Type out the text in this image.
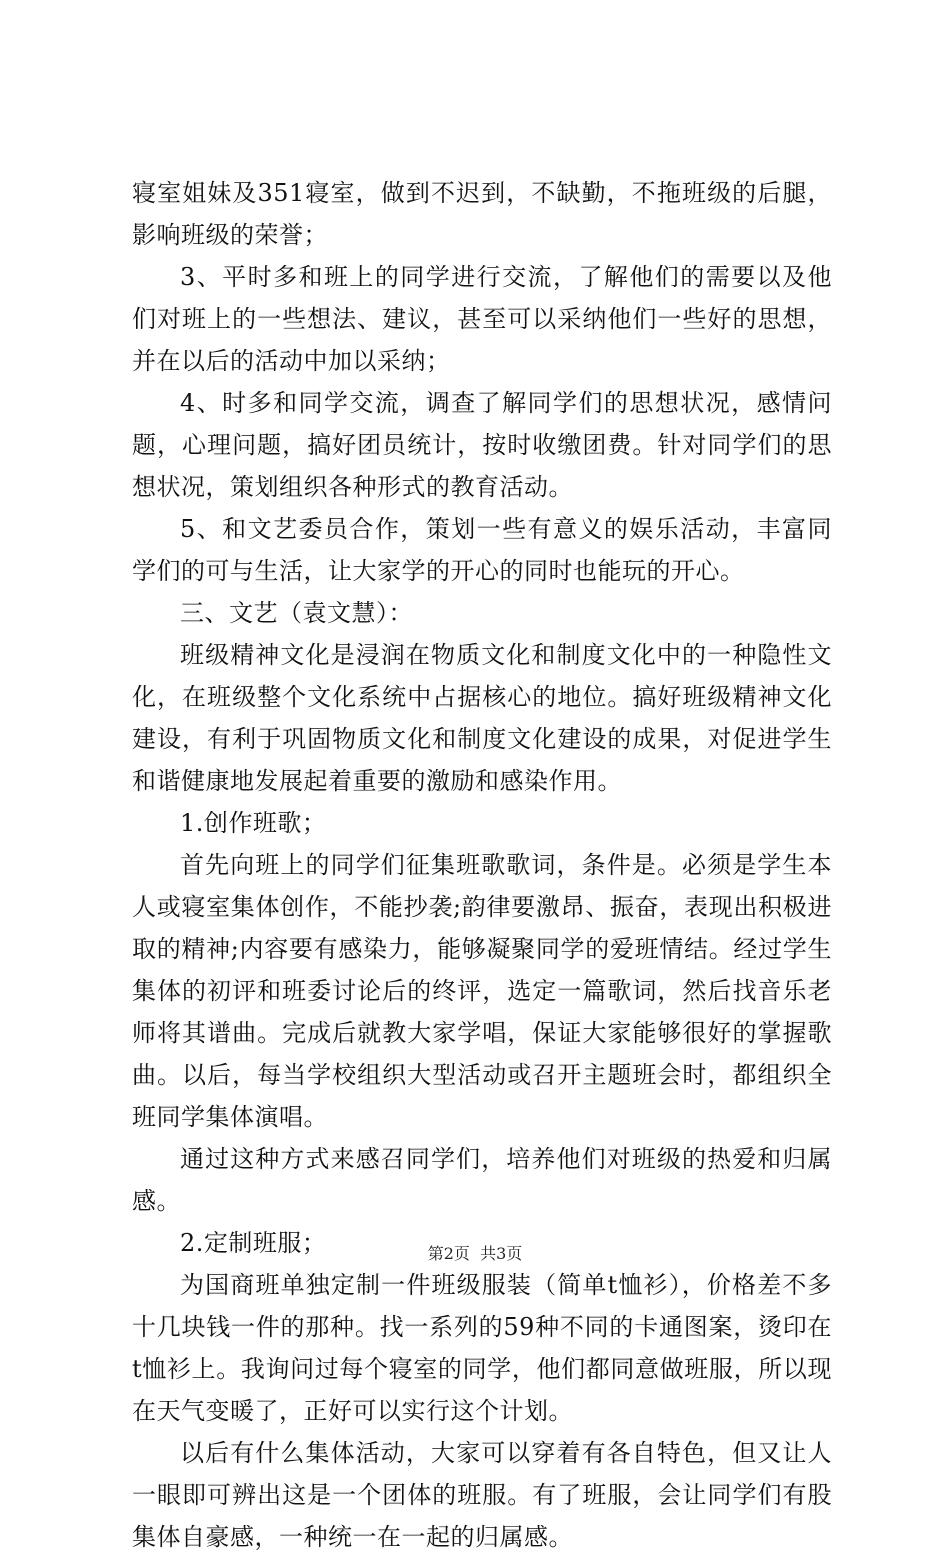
寝室姐妹及351寝室，做到不迟到，不缺勤，不拖班级的后腿，影响班级的荣誉；

3、平时多和班上的同学进行交流，了解他们的需要以及他们对班上的一些想法、建议，甚至可以采纳他们一些好的思想，并在以后的活动中加以采纳；

4、时多和同学交流，调查了解同学们的思想状况，感情问题，心理问题，搞好团员统计，按时收缴团费。针对同学们的思想状况，策划组织各种形式的教育活动。

5、和文艺委员合作，策划一些有意义的娱乐活动，丰富同学们的可与生活，让大家学的开心的同时也能玩的开心。

三、文艺（袁文慧）：

班级精神文化是浸润在物质文化和制度文化中的一种隐性文化，在班级整个文化系统中占据核心的地位。搞好班级精神文化建设，有利于巩固物质文化和制度文化建设的成果，对促进学生和谐健康地发展起着重要的激励和感染作用。

1.创作班歌；

首先向班上的同学们征集班歌歌词，条件是。必须是学生本人或寝室集体创作，不能抄袭;韵律要激昂、振奋，表现出积极进取的精神;内容要有感染力，能够凝聚同学的爱班情结。经过学生集体的初评和班委讨论后的终评，选定一篇歌词，然后找音乐老师将其谱曲。完成后就教大家学唱，保证大家能够很好的掌握歌曲。以后，每当学校组织大型活动或召开主题班会时，都组织全班同学集体演唱。

通过这种方式来感召同学们，培养他们对班级的热爱和归属感。

2.定制班服；

为国商班单独定制一件班级服装（简单t恤衫），价格差不多十几块钱一件的那种。找一系列的59种不同的卡通图案，烫印在t恤衫上。我询问过每个寝室的同学，他们都同意做班服，所以现在天气变暖了，正好可以实行这个计划。

以后有什么集体活动，大家可以穿着有各自特色，但又让人一眼即可辨出这是一个团体的班服。有了班服，会让同学们有股集体自豪感，一种统一在一起的归属感。

第2页 共3页
